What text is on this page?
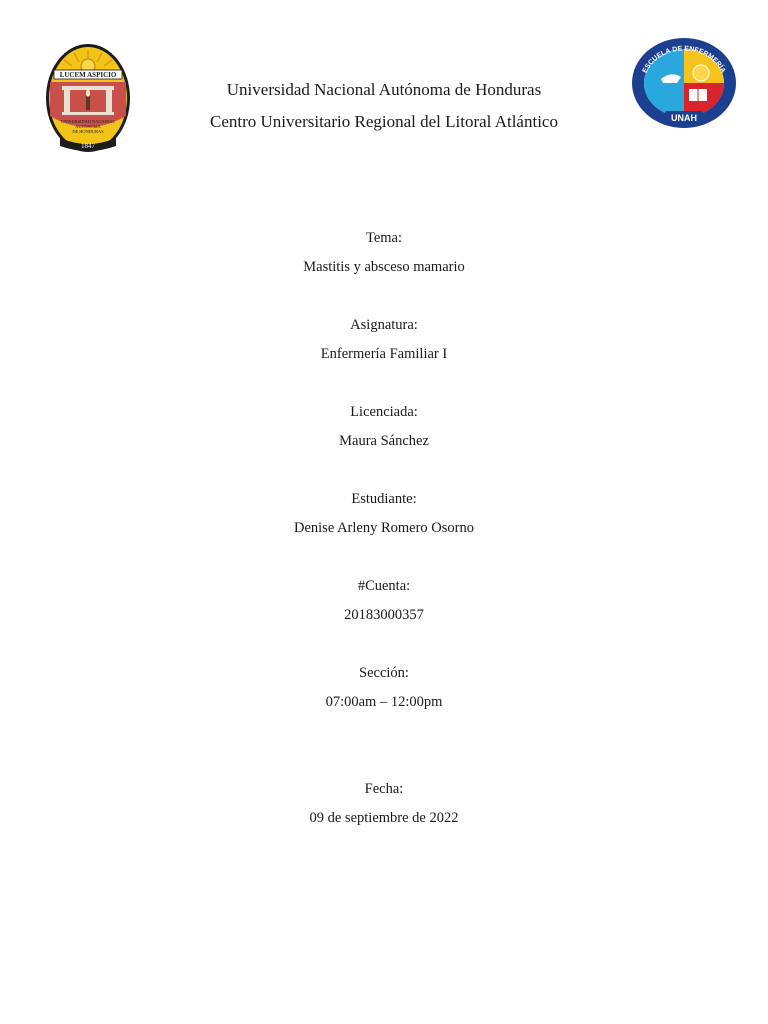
LUCEM ASPICIO
UNIVERSIDAD NACIONAL
AUTÓNOMA
DE HONDURAS
1847
ESCUELA DE ENFERMERÍA
UNAH
Universidad Nacional Autónoma de Honduras
Centro Universitario Regional del Litoral Atlántico
Tema:
Mastitis y absceso mamario
Asignatura:
Enfermería Familiar I
Licenciada:
Maura Sánchez
Estudiante:
Denise Arleny Romero Osorno
#Cuenta:
20183000357
Sección:
07:00am – 12:00pm
Fecha:
09 de septiembre de 2022
